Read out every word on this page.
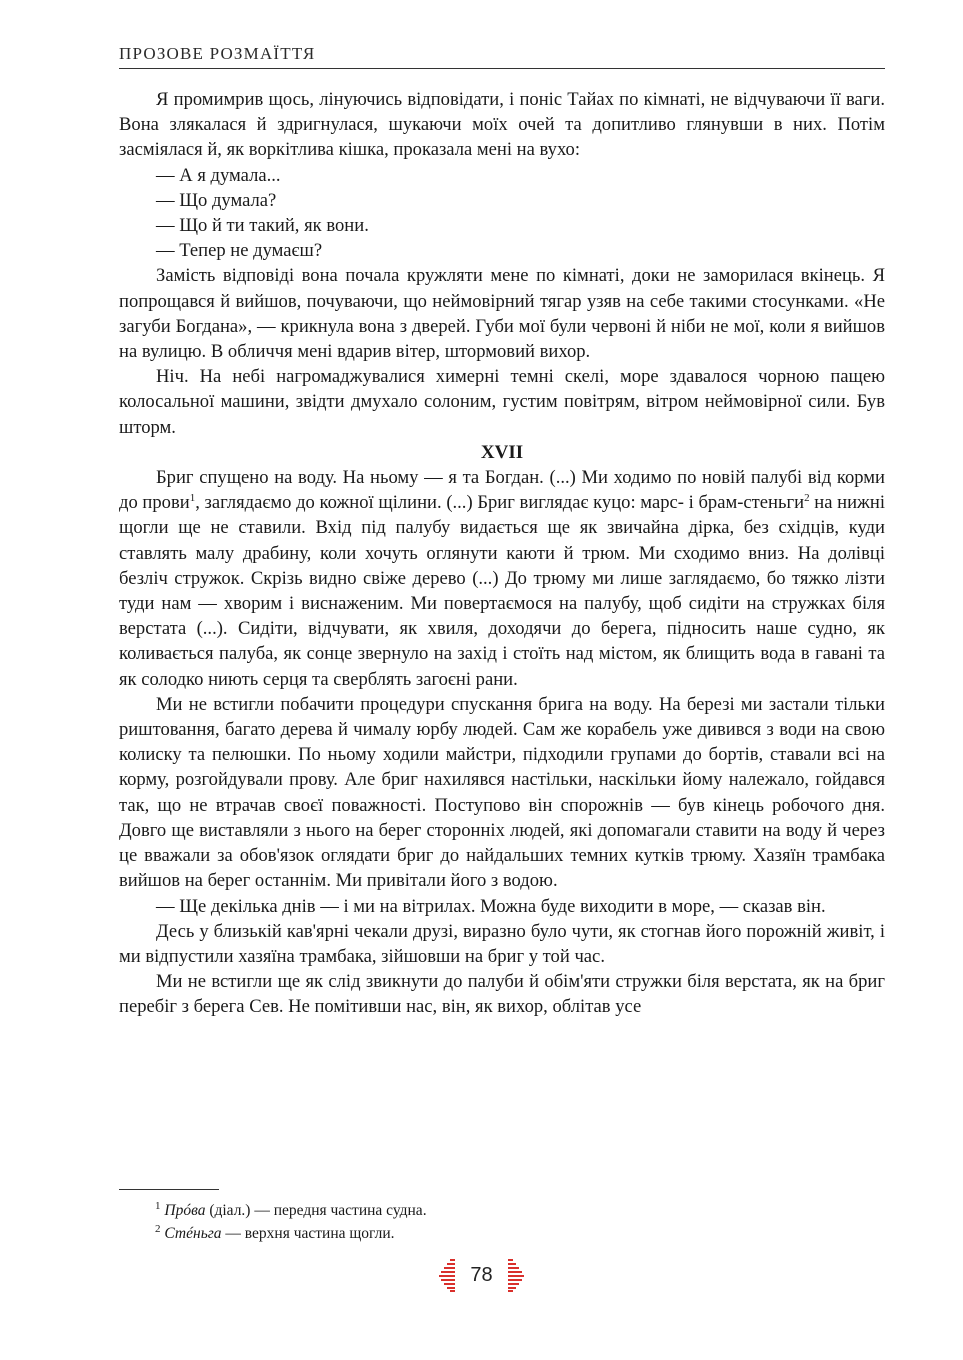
ПРОЗОВЕ РОЗМАЇТТЯ

Я промимрив щось, лінуючись відповідати, і поніс Тайах по кімнаті, не відчуваючи її ваги. Вона злякалася й здригнулася, шукаючи моїх очей та допитливо глянувши в них. Потім засміялася й, як воркітлива кішка, проказала мені на вухо:

— А я думала...

— Що думала?

— Що й ти такий, як вони.

— Тепер не думаєш?

Замість відповіді вона почала кружляти мене по кімнаті, доки не заморилася вкінець. Я попрощався й вийшов, почуваючи, що неймовірний тягар узяв на себе такими стосунками. «Не загуби Богдана», — крикнула вона з дверей. Губи мої були червоні й ніби не мої, коли я вийшов на вулицю. В обличчя мені вдарив вітер, штормовий вихор.

Ніч. На небі нагромаджувалися химерні темні скелі, море здавалося чорною пащею колосальної машини, звідти дмухало солоним, густим повітрям, вітром неймовірної сили. Був шторм.

XVII

Бриг спущено на воду. На ньому — я та Богдан. (...) Ми ходимо по новій палубі від корми до прови$^1$, заглядаємо до кожної щілини. (...) Бриг виглядає куцо: марс- і брам-стеньги$^2$ на нижні щогли ще не ставили. Вхід під палубу видається ще як звичайна дірка, без східців, куди ставлять малу драбину, коли хочуть оглянути каюти й трюм. Ми сходимо вниз. На долівці безліч стружок. Скрізь видно свіже дерево (...) До трюму ми лише заглядаємо, бо тяжко лізти туди нам — хворим і виснаженим. Ми повертаємося на палубу, щоб сидіти на стружках біля верстата (...). Сидіти, відчувати, як хвиля, доходячи до берега, підносить наше судно, як коливається палуба, як сонце звернуло на захід і стоїть над містом, як блищить вода в гавані та як солодко ниють серця та сверблять загоєні рани.

Ми не встигли побачити процедури спускання брига на воду. На березі ми застали тільки риштовання, багато дерева й чималу юрбу людей. Сам же корабель уже дивився з води на свою колиску та пелюшки. По ньому ходили майстри, підходили групами до бортів, ставали всі на корму, розгойдували прову. Але бриг нахилявся настільки, наскільки йому належало, гойдався так, що не втрачав своєї поважності. Поступово він спорожнів — був кінець робочого дня. Довго ще виставляли з нього на берег сторонніх людей, які допомагали ставити на воду й через це вважали за обов'язок оглядати бриг до найдальших темних кутків трюму. Хазяїн трамбака вийшов на берег останнім. Ми привітали його з водою.

— Ще декілька днів — і ми на вітрилах. Можна буде виходити в море, — сказав він.

Десь у близькій кав'ярні чекали друзі, виразно було чути, як стогнав його порожній живіт, і ми відпустили хазяїна трамбака, зійшовши на бриг у той час.

Ми не встигли ще як слід звикнути до палуби й обім'яти стружки біля верстата, як на бриг перебіг з берега Сев. Не помітивши нас, він, як вихор, облітав усе

$^1$ Прóва (діал.) — передня частина судна.
$^2$ Стéньга — верхня частина щогли.
78
